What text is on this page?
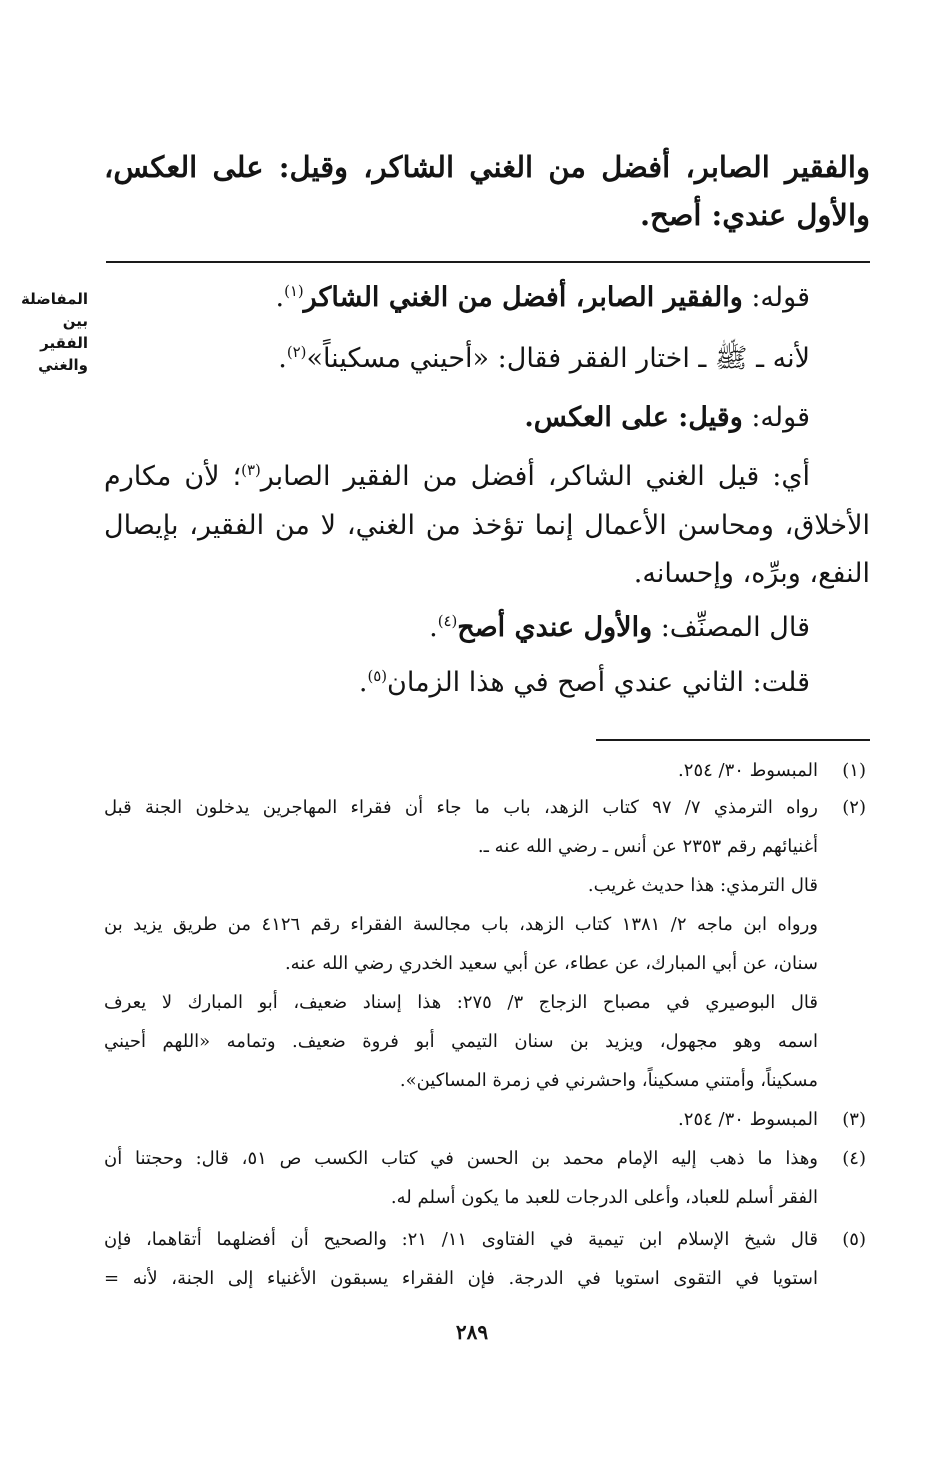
والفقير الصابر، أفضل من الغني الشاكر، وقيل: على العكس،
والأول عندي: أصح.
المفاضلة
بين
الفقير
والغني
قوله: والفقير الصابر، أفضل من الغني الشاكر$^{(١)}$.
لأنه ـ ﷺ ـ اختار الفقر فقال: «أحيني مسكيناً»$^{(٢)}$.
قوله: وقيل: على العكس.
أي: قيل الغني الشاكر، أفضل من الفقير الصابر$^{(٣)}$؛ لأن مكارم
الأخلاق، ومحاسن الأعمال إنما تؤخذ من الغني، لا من الفقير، بإيصال
النفع، وبرِّه، وإحسانه.
قال المصنِّف: والأول عندي أصح$^{(٤)}$.
قلت: الثاني عندي أصح في هذا الزمان$^{(٥)}$.
(١)
المبسوط ٣٠/ ٢٥٤.
(٢)
رواه الترمذي ٧/ ٩٧ كتاب الزهد، باب ما جاء أن فقراء المهاجرين يدخلون الجنة قبل
أغنيائهم رقم ٢٣٥٣ عن أنس ـ رضي الله عنه ـ.
قال الترمذي: هذا حديث غريب.
ورواه ابن ماجه ٢/ ١٣٨١ كتاب الزهد، باب مجالسة الفقراء رقم ٤١٢٦ من طريق يزيد بن
سنان، عن أبي المبارك، عن عطاء، عن أبي سعيد الخدري رضي الله عنه.
قال البوصيري في مصباح الزجاج ٣/ ٢٧٥: هذا إسناد ضعيف، أبو المبارك لا يعرف
اسمه وهو مجهول، ويزيد بن سنان التيمي أبو فروة ضعيف. وتمامه «اللهم أحيني
مسكيناً، وأمتني مسكيناً، واحشرني في زمرة المساكين».
(٣)
المبسوط ٣٠/ ٢٥٤.
(٤)
وهذا ما ذهب إليه الإمام محمد بن الحسن في كتاب الكسب ص ٥١، قال: وحجتنا أن
الفقر أسلم للعباد، وأعلى الدرجات للعبد ما يكون أسلم له.
(٥)
قال شيخ الإسلام ابن تيمية في الفتاوى ١١/ ٢١: والصحيح أن أفضلهما أتقاهما، فإن
استويا في التقوى استويا في الدرجة. فإن الفقراء يسبقون الأغنياء إلى الجنة، لأنه =
٢٨٩
